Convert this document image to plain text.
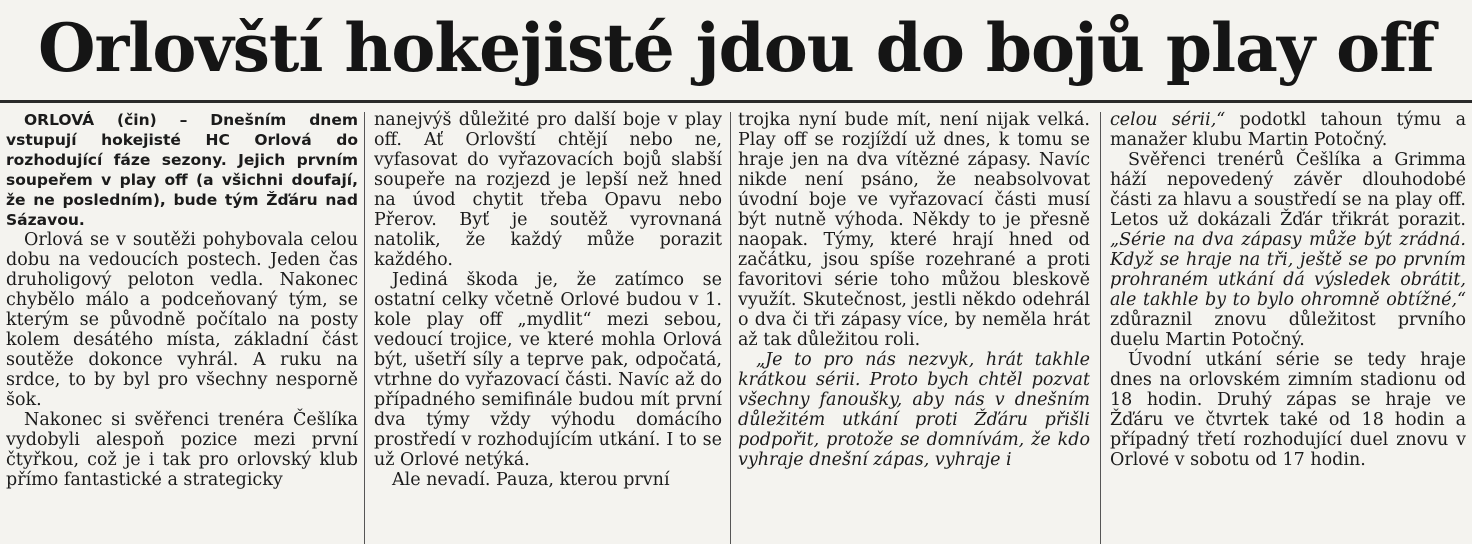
Orlovští hokejisté jdou do bojů play off

ORLOVÁ (čin) – Dnešním dnem vstupují hokejisté HC Orlová do rozhodující fáze sezony. Jejich prvním soupeřem v play off (a všichni doufají, že ne posledním), bude tým Žďáru nad Sázavou.

Orlová se v soutěži pohybovala celou dobu na vedoucích postech. Jeden čas druholigový peloton vedla. Nakonec chybělo málo a podceňovaný tým, se kterým se původně počítalo na posty kolem desátého místa, základní část soutěže dokonce vyhrál. A ruku na srdce, to by byl pro všechny nesporně šok.

Nakonec si svěřenci trenéra Češlíka vydobyli alespoň pozice mezi první čtyřkou, což je i tak pro orlovský klub přímo fantastické a strategicky

nanejvýš důležité pro další boje v play off. Ať Orlovští chtějí nebo ne, vyfasovat do vyřazovacích bojů slabší soupeře na rozjezd je lepší než hned na úvod chytit třeba Opavu nebo Přerov. Byť je soutěž vyrovnaná natolik, že každý může porazit každého.

Jediná škoda je, že zatímco se ostatní celky včetně Orlové budou v 1. kole play off „mydlit“ mezi sebou, vedoucí trojice, ve které mohla Orlová být, ušetří síly a teprve pak, odpočatá, vtrhne do vyřazovací části. Navíc až do případného semifinále budou mít první dva týmy vždy výhodu domácího prostředí v rozhodujícím utkání. I to se už Orlové netýká.

Ale nevadí. Pauza, kterou první

trojka nyní bude mít, není nijak velká. Play off se rozjíždí už dnes, k tomu se hraje jen na dva vítězné zápasy. Navíc nikde není psáno, že neabsolvovat úvodní boje ve vyřazovací části musí být nutně výhoda. Někdy to je přesně naopak. Týmy, které hrají hned od začátku, jsou spíše rozehrané a proti favoritovi série toho můžou bleskově využít. Skutečnost, jestli někdo odehrál o dva či tři zápasy více, by neměla hrát až tak důležitou roli.

„Je to pro nás nezvyk, hrát takhle krátkou sérii. Proto bych chtěl pozvat všechny fanoušky, aby nás v dnešním důležitém utkání proti Žďáru přišli podpořit, protože se domnívám, že kdo vyhraje dnešní zápas, vyhraje i

celou sérii,“ podotkl tahoun týmu a manažer klubu Martin Potočný.

Svěřenci trenérů Češlíka a Grimma háží nepovedený závěr dlouhodobé části za hlavu a soustředí se na play off. Letos už dokázali Žďár třikrát porazit. „Série na dva zápasy může být zrádná. Když se hraje na tři, ještě se po prvním prohraném utkání dá výsledek obrátit, ale takhle by to bylo ohromně obtížné,“ zdůraznil znovu důležitost prvního duelu Martin Potočný.

Úvodní utkání série se tedy hraje dnes na orlovském zimním stadionu od 18 hodin. Druhý zápas se hraje ve Žďáru ve čtvrtek také od 18 hodin a případný třetí rozhodující duel znovu v Orlové v sobotu od 17 hodin.
